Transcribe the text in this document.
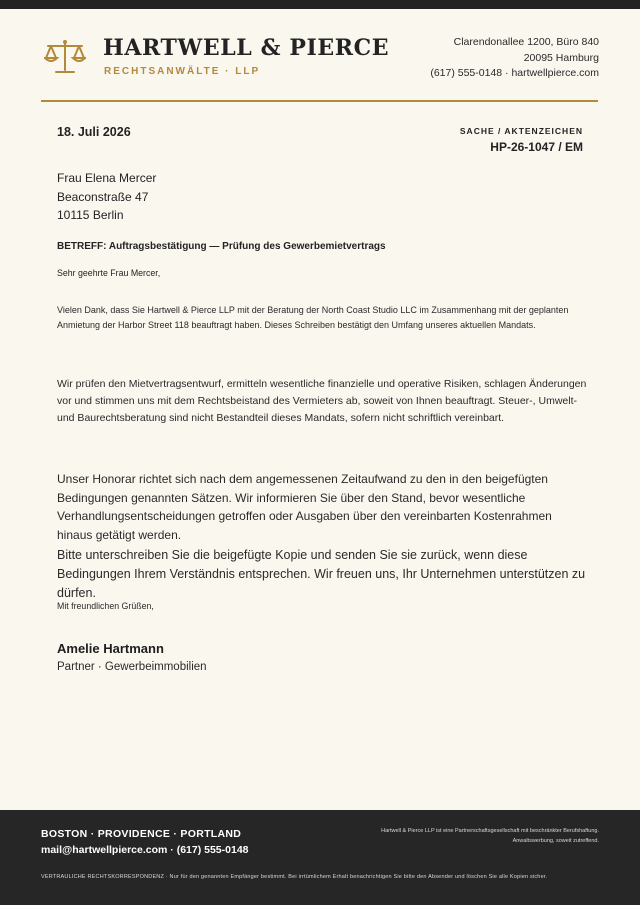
HARTWELL & PIERCE
RECHTSANWÄLTE · LLP
Clarendonallee 1200, Büro 840
20095 Hamburg
(617) 555-0148 · hartwellpierce.com
18. Juli 2026	SACHE / AKTENZEICHEN
HP-26-1047 / EM
Frau Elena Mercer
Beaconstraße 47
10115 Berlin
BETREFF: Auftragsbestätigung — Prüfung des Gewerbemietvertrags
Sehr geehrte Frau Mercer,

Vielen Dank, dass Sie Hartwell & Pierce LLP mit der Beratung der North Coast Studio LLC im Zusammenhang mit der geplanten Anmietung der Harbor Street 118 beauftragt haben. Dieses Schreiben bestätigt den Umfang unseres aktuellen Mandats.

Wir prüfen den Mietvertragsentwurf, ermitteln wesentliche finanzielle und operative Risiken, schlagen Änderungen vor und stimmen uns mit dem Rechtsbeistand des Vermieters ab, soweit von Ihnen beauftragt. Steuer-, Umwelt- und Baurechtsberatung sind nicht Bestandteil dieses Mandats, sofern nicht schriftlich vereinbart.

Unser Honorar richtet sich nach dem angemessenen Zeitaufwand zu den in den beigefügten Bedingungen genannten Sätzen. Wir informieren Sie über den Stand, bevor wesentliche Verhandlungsentscheidungen getroffen oder Ausgaben über den vereinbarten Kostenrahmen hinaus getätigt werden.

Bitte unterschreiben Sie die beigefügte Kopie und senden Sie sie zurück, wenn diese Bedingungen Ihrem Verständnis entsprechen. Wir freuen uns, Ihr Unternehmen unterstützen zu dürfen.

Mit freundlichen Grüßen,
Amelie Hartmann
Partner · Gewerbeimmobilien
BOSTON · PROVIDENCE · PORTLAND
mail@hartwellpierce.com · (617) 555-0148
Hartwell & Pierce LLP ist eine Partnerschaftsgesellschaft mit beschränkter Berufshaftung.
Anwaltswerbung, soweit zutreffend.
VERTRAULICHE RECHTSKORRESPONDENZ · Nur für den genannten Empfänger bestimmt. Bei irrtümlichem Erhalt benachrichtigen Sie bitte den Absender und löschen Sie alle Kopien sicher.
